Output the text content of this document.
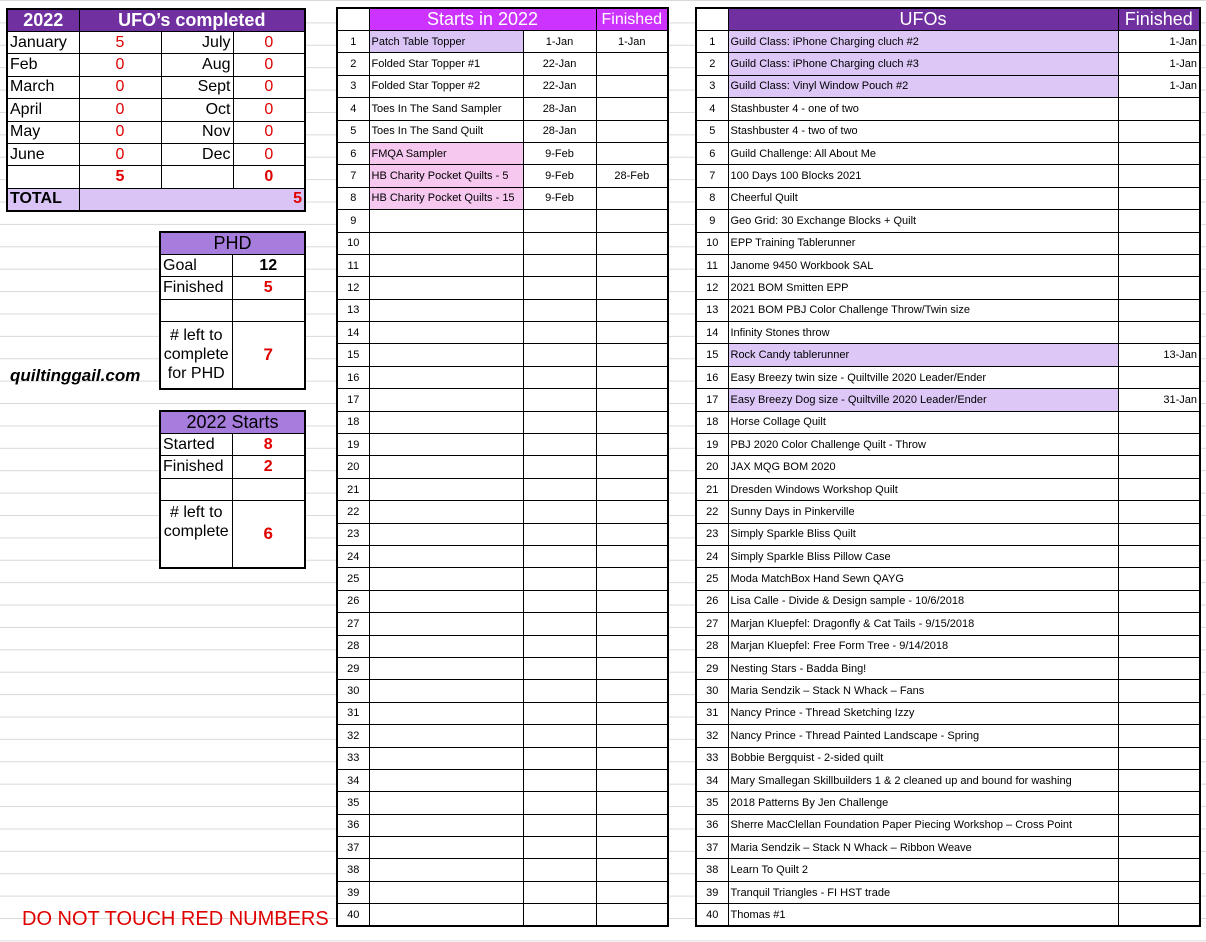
2022	UFO’s completed		
January	5	July	0
Feb	0	Aug	0
March	0	Sept	0
April	0	Oct	0
May	0	Nov	0
June	0	Dec	0
	5		0
TOTAL	5		
PHD	
Goal	12
Finished	5

# left to complete for PHD	7
quiltinggail.com
2022 Starts	
Started	8
Finished	2

# left to complete	6
DO NOT TOUCH RED NUMBERS
	Starts in 2022		Finished
1	Patch Table Topper	1-Jan	1-Jan
2	Folded Star Topper #1	22-Jan	
3	Folded Star Topper #2	22-Jan	
4	Toes In The Sand Sampler	28-Jan	
5	Toes In The Sand Quilt	28-Jan	
6	FMQA Sampler	9-Feb	
7	HB Charity Pocket Quilts - 5	9-Feb	28-Feb
8	HB Charity Pocket Quilts - 15	9-Feb	
9			
10			
11			
12			
13			
14			
15			
16			
17			
18			
19			
20			
21			
22			
23			
24			
25			
26			
27			
28			
29			
30			
31			
32			
33			
34			
35			
36			
37			
38			
39			
40			
	UFOs	Finished
1	Guild Class: iPhone Charging cluch #2	1-Jan
2	Guild Class: iPhone Charging cluch #3	1-Jan
3	Guild Class: Vinyl Window Pouch #2	1-Jan
4	Stashbuster 4 - one of two	
5	Stashbuster 4 - two of two	
6	Guild Challenge: All About Me	
7	100 Days 100 Blocks 2021	
8	Cheerful Quilt	
9	Geo Grid: 30 Exchange Blocks + Quilt	
10	EPP Training Tablerunner	
11	Janome 9450 Workbook SAL	
12	2021 BOM Smitten EPP	
13	2021 BOM PBJ Color Challenge Throw/Twin size	
14	Infinity Stones throw	
15	Rock Candy tablerunner	13-Jan
16	Easy Breezy twin size - Quiltville 2020 Leader/Ender	
17	Easy Breezy Dog size - Quiltville 2020 Leader/Ender	31-Jan
18	Horse Collage Quilt	
19	PBJ 2020 Color Challenge Quilt - Throw	
20	JAX MQG BOM 2020	
21	Dresden Windows Workshop Quilt	
22	Sunny Days in Pinkerville	
23	Simply Sparkle Bliss Quilt	
24	Simply Sparkle Bliss Pillow Case	
25	Moda MatchBox Hand Sewn QAYG	
26	Lisa Calle - Divide & Design sample - 10/6/2018	
27	Marjan Kluepfel: Dragonfly & Cat Tails - 9/15/2018	
28	Marjan Kluepfel: Free Form Tree - 9/14/2018	
29	Nesting Stars - Badda Bing!	
30	Maria Sendzik – Stack N Whack – Fans	
31	Nancy Prince - Thread Sketching Izzy	
32	Nancy Prince - Thread Painted Landscape - Spring	
33	Bobbie Bergquist - 2-sided quilt	
34	Mary Smallegan Skillbuilders 1 & 2 cleaned up and bound for washing	
35	2018 Patterns By Jen Challenge	
36	Sherre MacClellan Foundation Paper Piecing Workshop – Cross Point	
37	Maria Sendzik – Stack N Whack – Ribbon Weave	
38	Learn To Quilt 2	
39	Tranquil Triangles - FI HST trade	
40	Thomas #1	
